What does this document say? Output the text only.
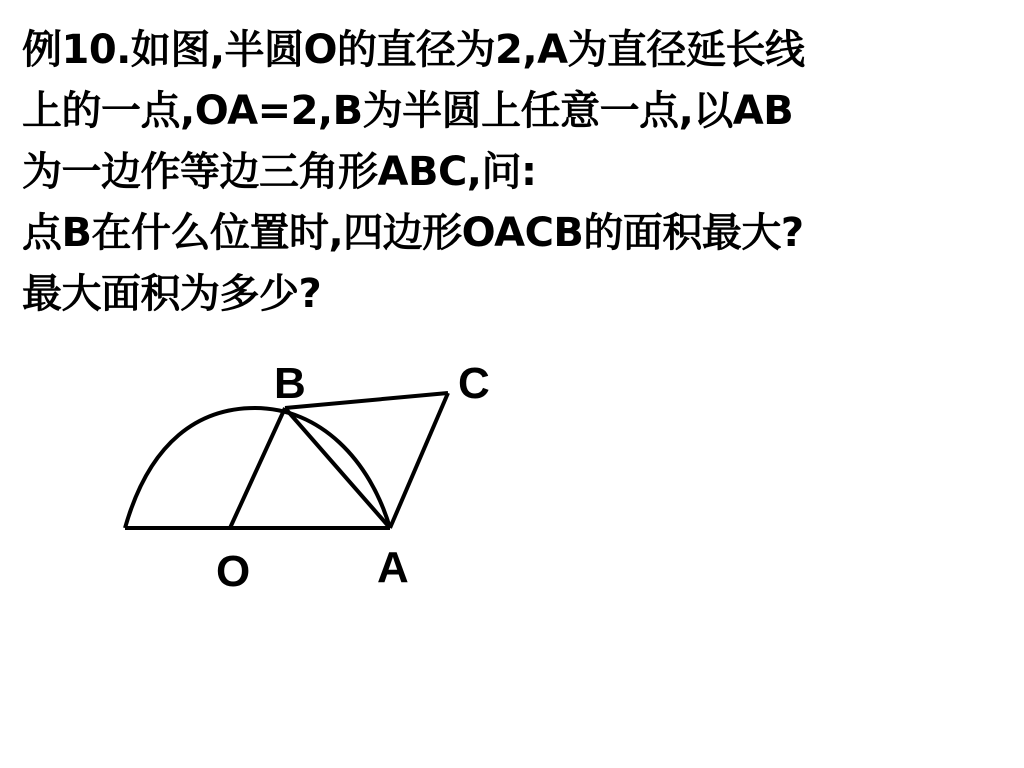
例10.如图,半圆O的直径为2,A为直径延长线
上的一点,OA=2,B为半圆上任意一点,以AB
为一边作等边三角形ABC,问:
点B在什么位置时,四边形OACB的面积最大?
最大面积为多少?
B	C
O	A
